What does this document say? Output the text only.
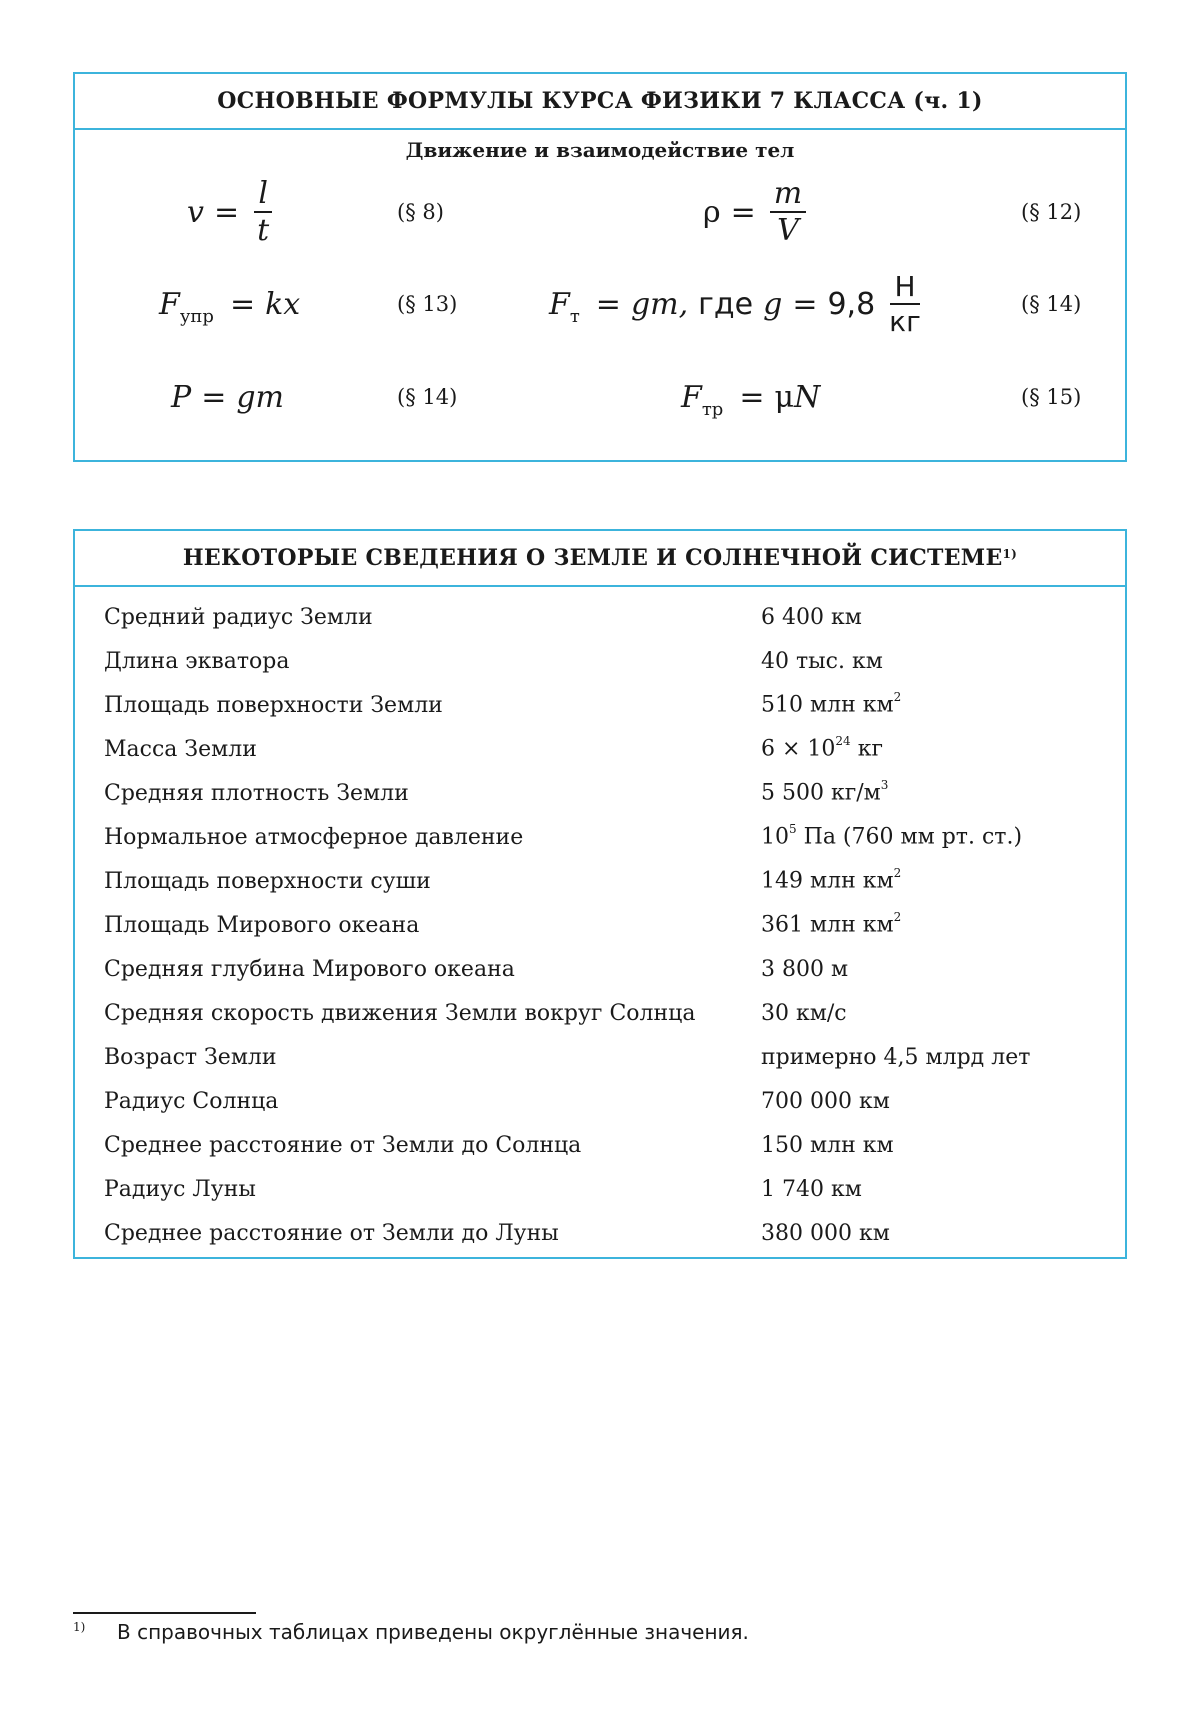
ОСНОВНЫЕ ФОРМУЛЫ КУРСА ФИЗИКИ 7 КЛАССА (ч. 1)
Движение и взаимодействие тел
$v = \frac{l}{t}$	(§ 8)	$\rho = \frac{m}{V}$	(§ 12)
F упр = kx	(§ 13)	F т = gm, где $g = 9,8 \frac{Н}{кг}$	(§ 14)
P = gm	(§ 14)	F тр = μ N	(§ 15)
НЕКОТОРЫЕ СВЕДЕНИЯ О ЗЕМЛЕ И СОЛНЕЧНОЙ СИСТЕМЕ$^{1)}$
Средний радиус Земли	6 400 км
Длина экватора	40 тыс. км
Площадь поверхности Земли	510 млн $км^2$
Масса Земли	$6 \times 10^{24}$ кг
Средняя плотность Земли	5 500 $кг/м^3$
Нормальное атмосферное давление	$10^5$ Па (760 мм рт. ст.)
Площадь поверхности суши	149 млн $км^2$
Площадь Мирового океана	361 млн $км^2$
Средняя глубина Мирового океана	3 800 м
Средняя скорость движения Земли вокруг Солнца	30 км/с
Возраст Земли	примерно 4,5 млрд лет
Радиус Солнца	700 000 км
Среднее расстояние от Земли до Солнца	150 млн км
Радиус Луны	1 740 км
Среднее расстояние от Земли до Луны	380 000 км
1) В справочных таблицах приведены округлённые значения.
